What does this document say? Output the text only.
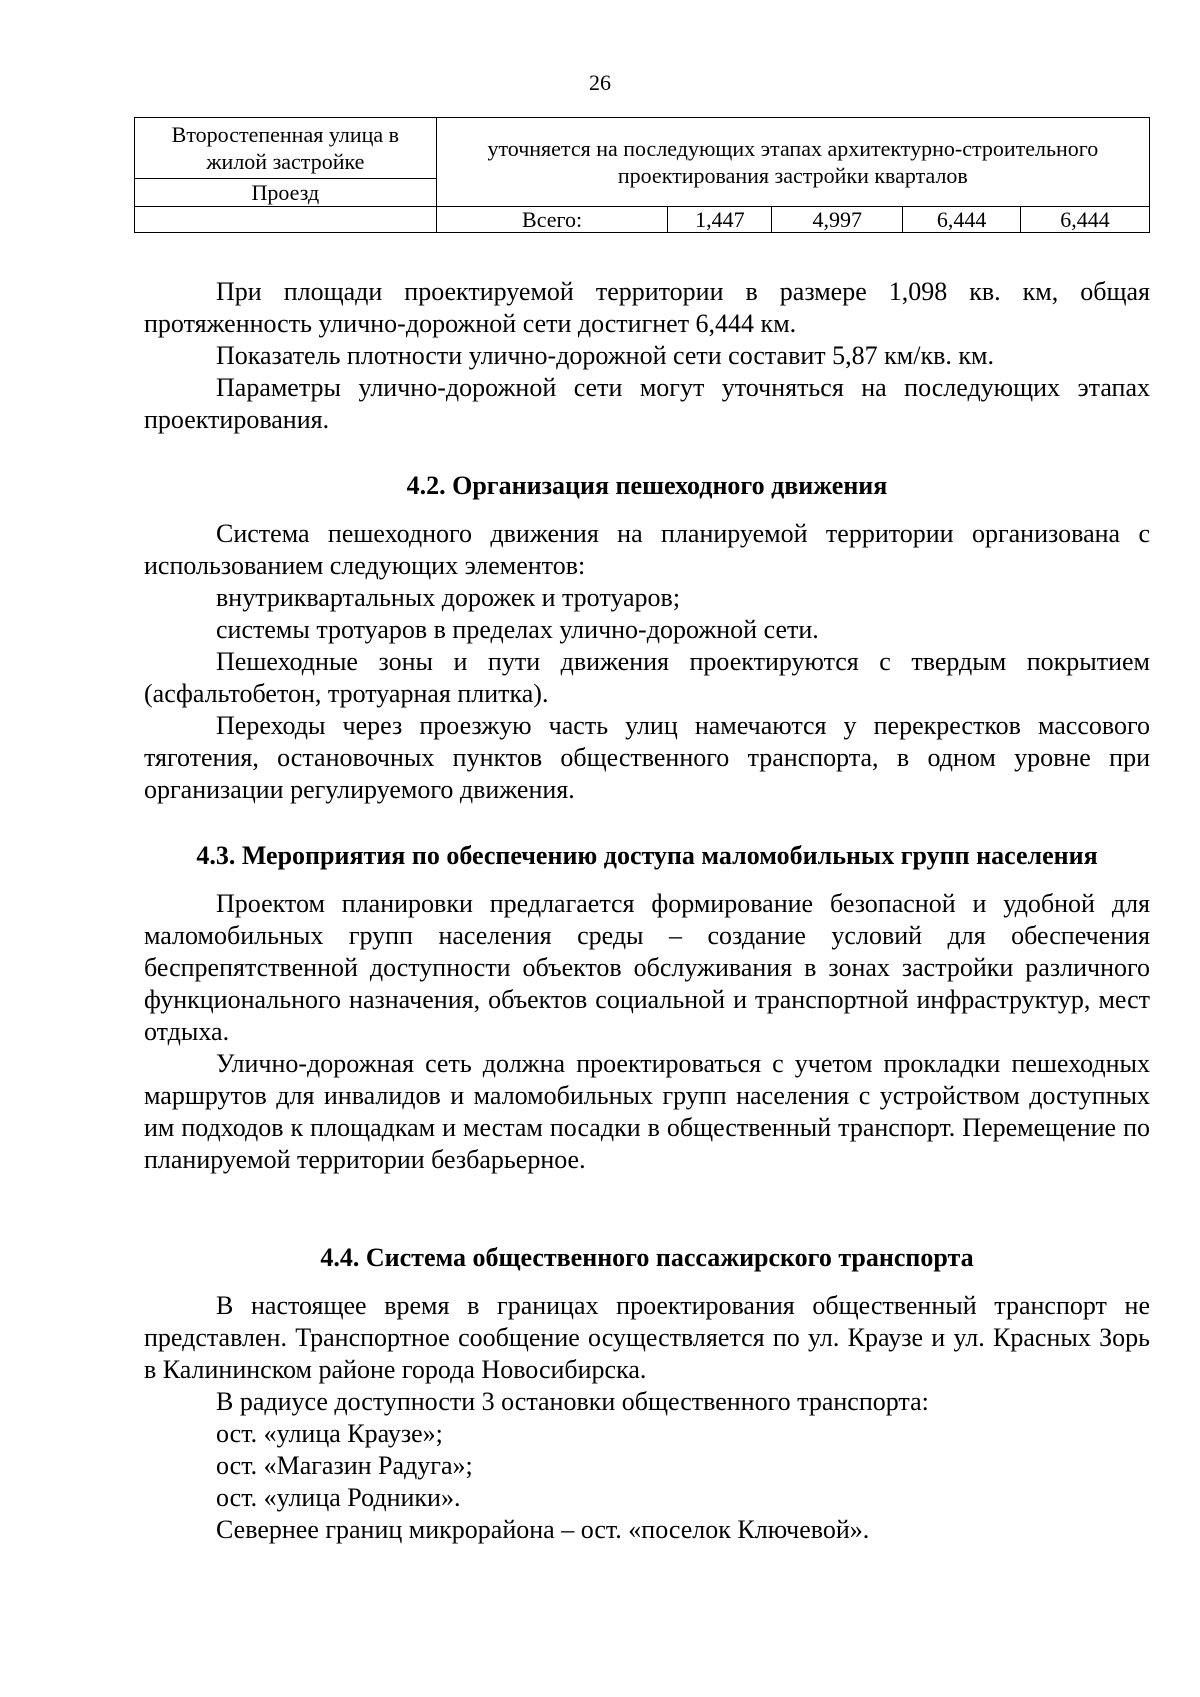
26
Второстепенная улица в жилой застройке	уточняется на последующих этапах архитектурно-строительного проектирования застройки кварталов				
Проезд					
	Всего:	1,447	4,997	6,444	6,444

При площади проектируемой территории в размере 1,098 кв. км, общая протяженность улично-дорожной сети достигнет 6,444 км.

Показатель плотности улично-дорожной сети составит 5,87 км/кв. км.

Параметры улично-дорожной сети могут уточняться на последующих этапах проектирования.

4.2. Организация пешеходного движения

Система пешеходного движения на планируемой территории организована с использованием следующих элементов:

внутриквартальных дорожек и тротуаров;

системы тротуаров в пределах улично-дорожной сети.

Пешеходные зоны и пути движения проектируются с твердым покрытием (асфальтобетон, тротуарная плитка).

Переходы через проезжую часть улиц намечаются у перекрестков массового тяготения, остановочных пунктов общественного транспорта, в одном уровне при организации регулируемого движения.

4.3. Мероприятия по обеспечению доступа маломобильных групп населения

Проектом планировки предлагается формирование безопасной и удобной для маломобильных групп населения среды – создание условий для обеспечения беспрепятственной доступности объектов обслуживания в зонах застройки различного функционального назначения, объектов социальной и транспортной инфраструктур, мест отдыха.

Улично-дорожная сеть должна проектироваться с учетом прокладки пешеходных маршрутов для инвалидов и маломобильных групп населения с устройством доступных им подходов к площадкам и местам посадки в общественный транспорт. Перемещение по планируемой территории безбарьерное.

4.4. Система общественного пассажирского транспорта

В настоящее время в границах проектирования общественный транспорт не представлен. Транспортное сообщение осуществляется по ул. Краузе и ул. Красных Зорь в Калининском районе города Новосибирска.

В радиусе доступности 3 остановки общественного транспорта:

ост. «улица Краузе»;

ост. «Магазин Радуга»;

ост. «улица Родники».

Севернее границ микрорайона – ост. «поселок Ключевой».
